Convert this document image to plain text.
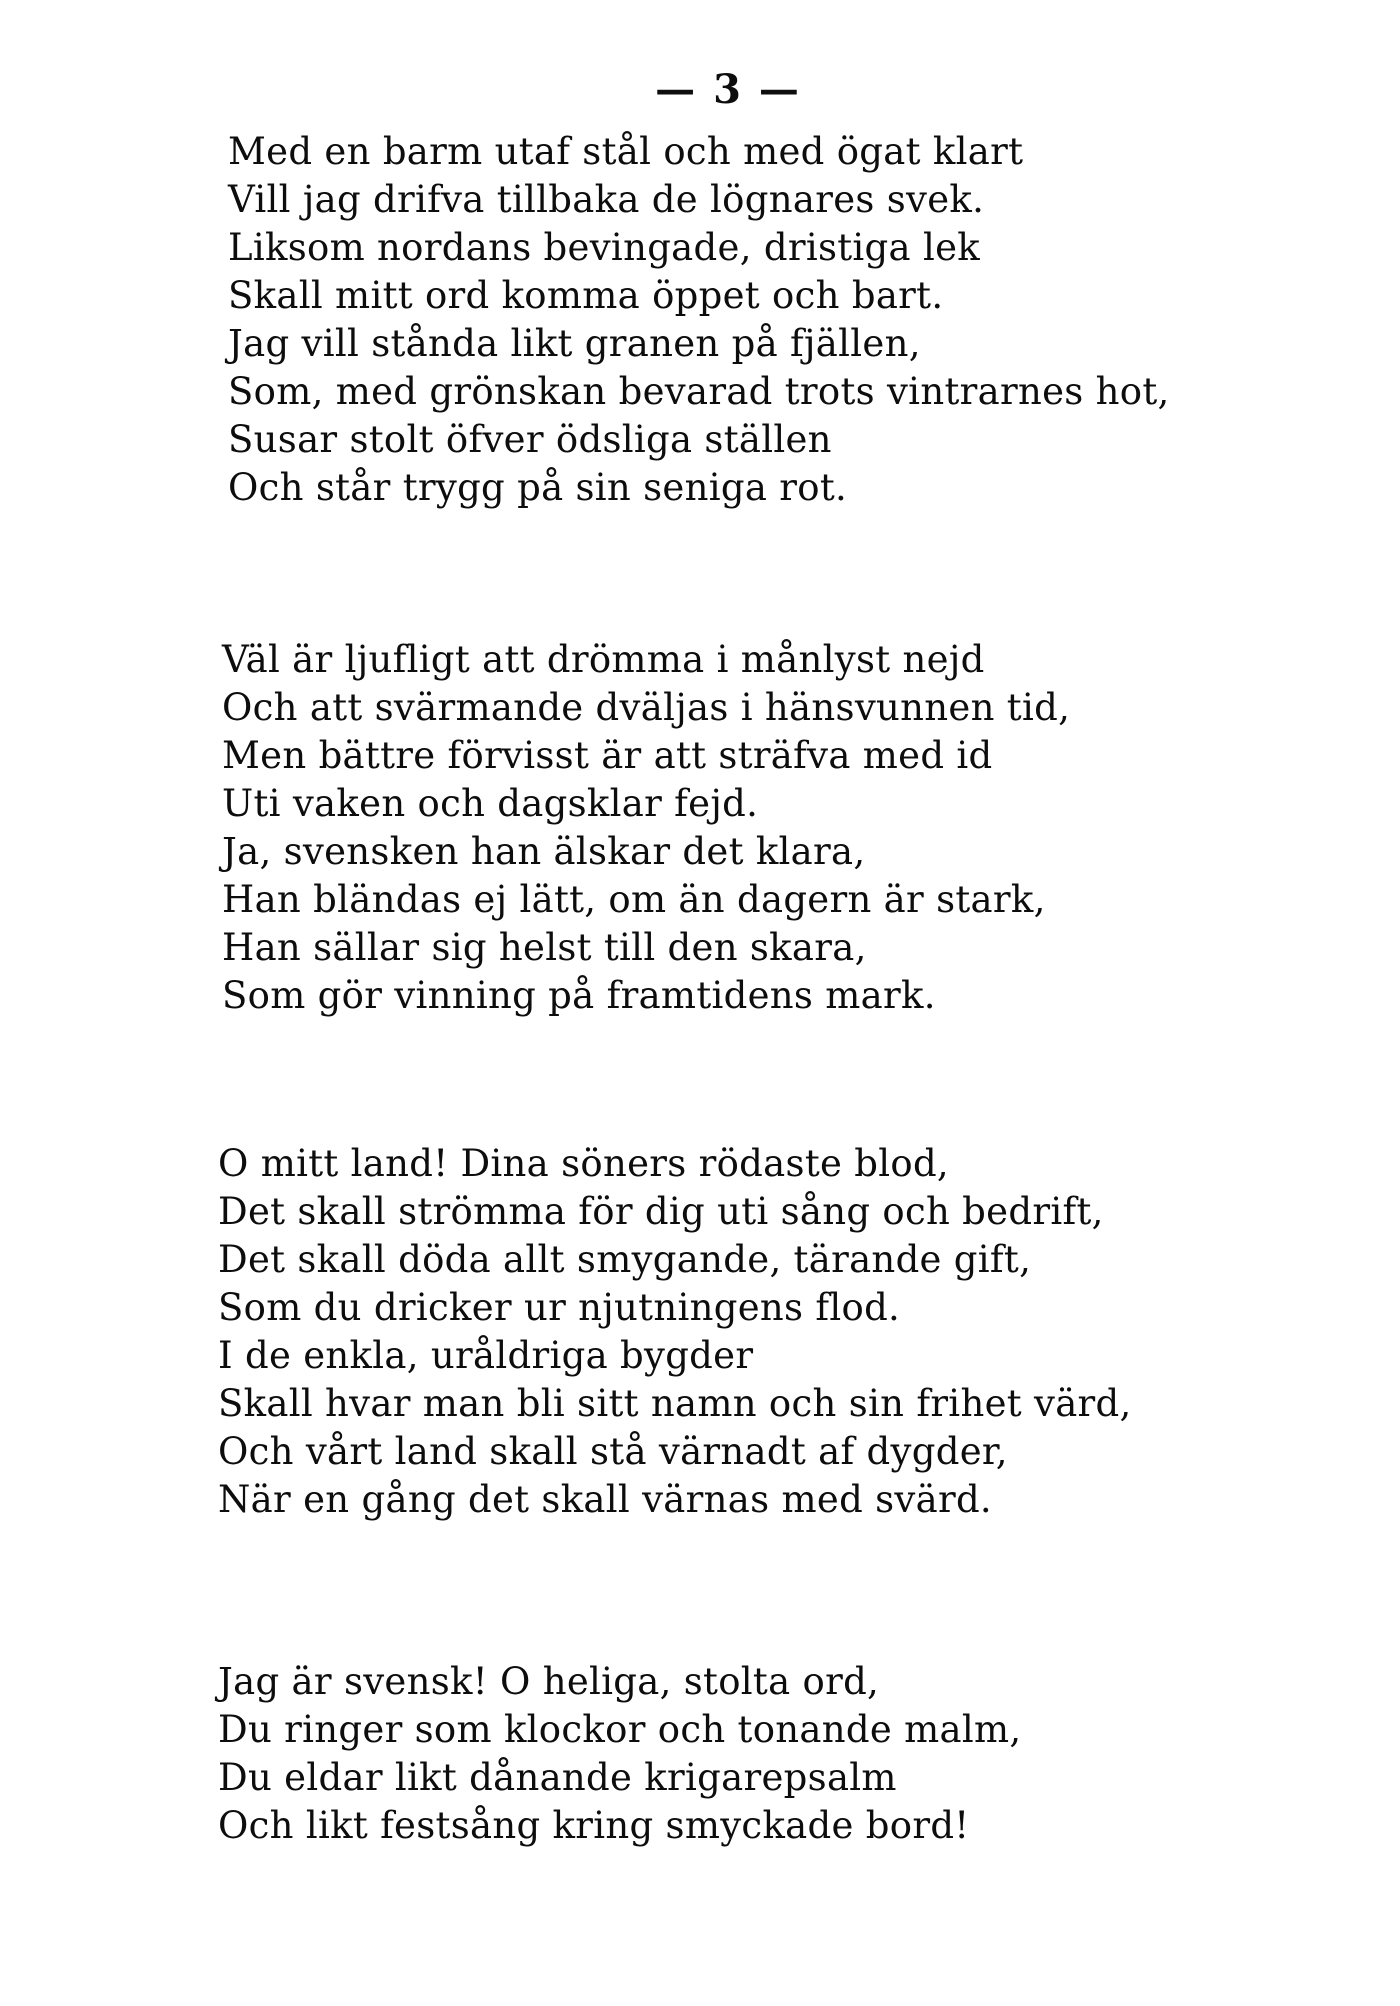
— 3 —
Med en barm utaf stål och med ögat klart
Vill jag drifva tillbaka de lögnares svek.
Liksom nordans bevingade, dristiga lek
Skall mitt ord komma öppet och bart.
Jag vill stånda likt granen på fjällen,
Som, med grönskan bevarad trots vintrarnes hot,
Susar stolt öfver ödsliga ställen
Och står trygg på sin seniga rot.
Väl är ljufligt att drömma i månlyst nejd
Och att svärmande dväljas i hänsvunnen tid,
Men bättre förvisst är att sträfva med id
Uti vaken och dagsklar fejd.
Ja, svensken han älskar det klara,
Han bländas ej lätt, om än dagern är stark,
Han sällar sig helst till den skara,
Som gör vinning på framtidens mark.
O mitt land! Dina söners rödaste blod,
Det skall strömma för dig uti sång och bedrift,
Det skall döda allt smygande, tärande gift,
Som du dricker ur njutningens flod.
I de enkla, uråldriga bygder
Skall hvar man bli sitt namn och sin frihet värd,
Och vårt land skall stå värnadt af dygder,
När en gång det skall värnas med svärd.
Jag är svensk! O heliga, stolta ord,
Du ringer som klockor och tonande malm,
Du eldar likt dånande krigarepsalm
Och likt festsång kring smyckade bord!
